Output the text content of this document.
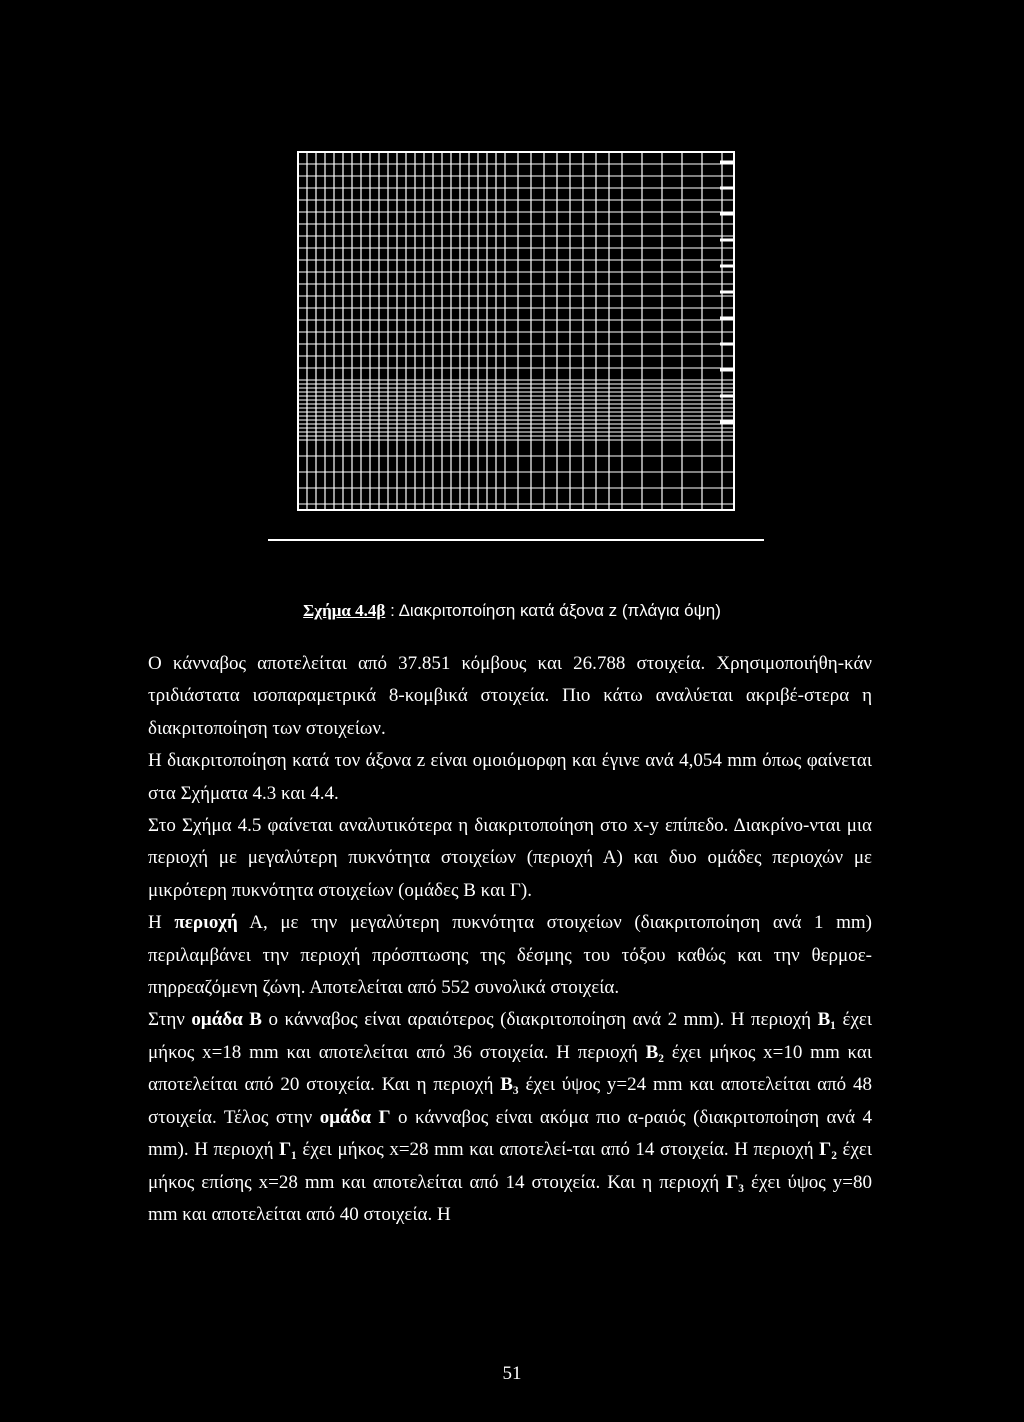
Σχήμα 4.4β : Διακριτοποίηση κατά άξονα z (πλάγια όψη)

Ο κάνναβος αποτελείται από 37.851 κόμβους και 26.788 στοιχεία. Χρησιμοποιήθη-κάν τριδιάστατα ισοπαραμετρικά 8-κομβικά στοιχεία. Πιο κάτω αναλύεται ακριβέ-στερα η διακριτοποίηση των στοιχείων.

Η διακριτοποίηση κατά τον άξονα z είναι ομοιόμορφη και έγινε ανά 4,054 mm όπως φαίνεται στα Σχήματα 4.3 και 4.4.

Στο Σχήμα 4.5 φαίνεται αναλυτικότερα η διακριτοποίηση στο x-y επίπεδο. Διακρίνο-νται μια περιοχή με μεγαλύτερη πυκνότητα στοιχείων (περιοχή Α) και δυο ομάδες περιοχών με μικρότερη πυκνότητα στοιχείων (ομάδες Β και Γ).

Η περιοχή Α, με την μεγαλύτερη πυκνότητα στοιχείων (διακριτοποίηση ανά 1 mm) περιλαμβάνει την περιοχή πρόσπτωσης της δέσμης του τόξου καθώς και την θερμοε-πηρρεαζόμενη ζώνη. Αποτελείται από 552 συνολικά στοιχεία.

Στην ομάδα Β ο κάνναβος είναι αραιότερος (διακριτοποίηση ανά 2 mm). Η περιοχή Β₁ έχει μήκος x=18 mm και αποτελείται από 36 στοιχεία. Η περιοχή Β₂ έχει μήκος x=10 mm και αποτελείται από 20 στοιχεία. Και η περιοχή Β₃ έχει ύψος y=24 mm και αποτελείται από 48 στοιχεία. Τέλος στην ομάδα Γ ο κάνναβος είναι ακόμα πιο α-ραιός (διακριτοποίηση ανά 4 mm). Η περιοχή Γ₁ έχει μήκος x=28 mm και αποτελεί-ται από 14 στοιχεία. Η περιοχή Γ₂ έχει μήκος επίσης x=28 mm και αποτελείται από 14 στοιχεία. Και η περιοχή Γ₃ έχει ύψος y=80 mm και αποτελείται από 40 στοιχεία. Η

51
